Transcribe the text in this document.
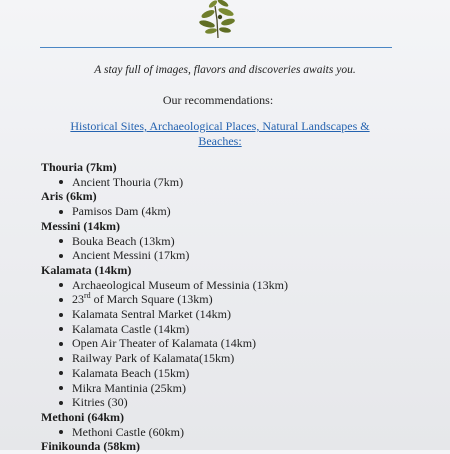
A stay full of images, flavors and discoveries awaits you.
Our recommendations:
Historical Sites, Archaeological Places, Natural Landscapes &
Beaches:
Thouria (7km)
Ancient Thouria (7km)
Aris (6km)
Pamisos Dam (4km)
Messini (14km)
Bouka Beach (13km)
Ancient Messini (17km)
Kalamata (14km)
Archaeological Museum of Messinia (13km)
23rd of March Square (13km)
Kalamata Sentral Market (14km)
Kalamata Castle (14km)
Open Air Theater of Kalamata (14km)
Railway Park of Kalamata(15km)
Kalamata Beach (15km)
Mikra Mantinia (25km)
Kitries (30)
Methoni (64km)
Methoni Castle (60km)
Finikounda (58km)
